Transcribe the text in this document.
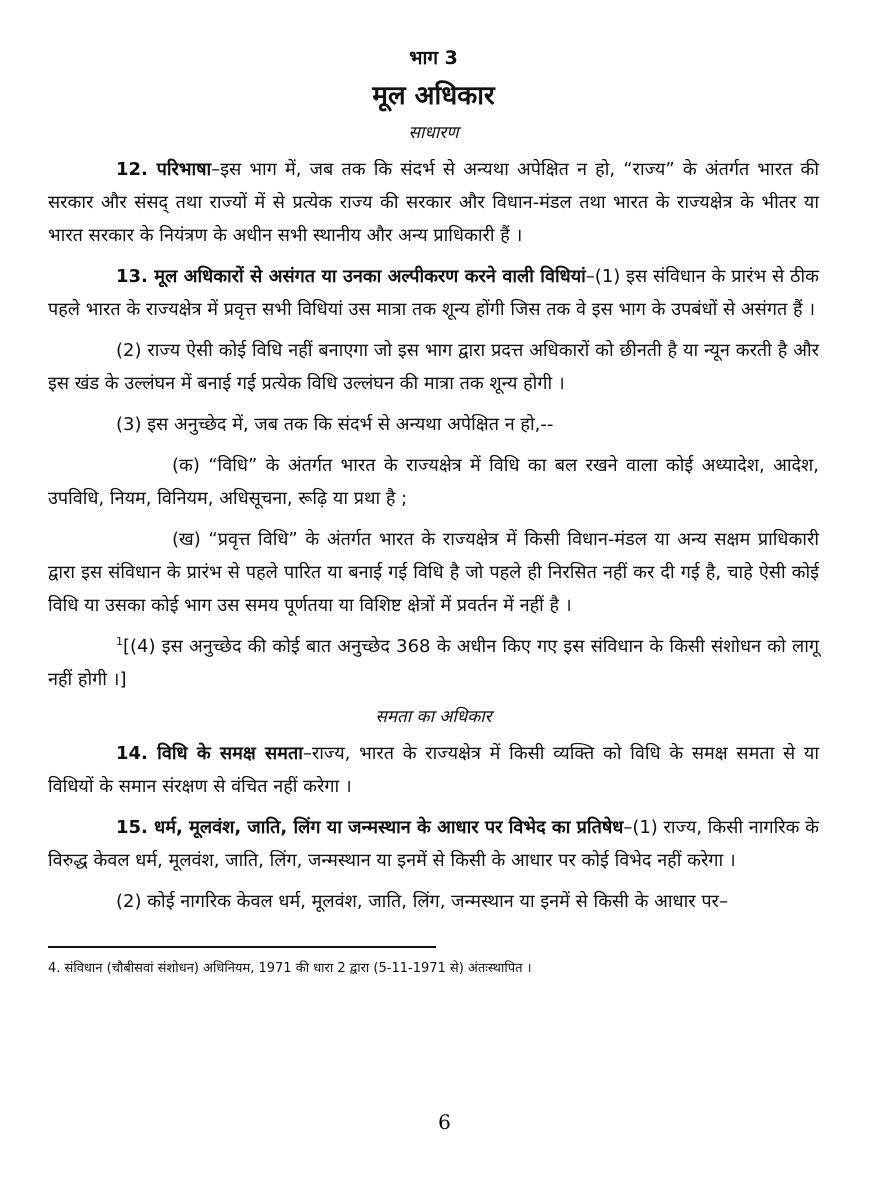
भाग 3
मूल अधिकार
साधारण

12. परिभाषा–इस भाग में, जब तक कि संदर्भ से अन्यथा अपेक्षित न हो, “राज्य” के अंतर्गत भारत की सरकार और संसद् तथा राज्यों में से प्रत्येक राज्य की सरकार और विधान-मंडल तथा भारत के राज्यक्षेत्र के भीतर या भारत सरकार के नियंत्रण के अधीन सभी स्थानीय और अन्य प्राधिकारी हैं ।

13. मूल अधिकारों से असंगत या उनका अल्पीकरण करने वाली विधियां–(1) इस संविधान के प्रारंभ से ठीक पहले भारत के राज्यक्षेत्र में प्रवृत्त सभी विधियां उस मात्रा तक शून्य होंगी जिस तक वे इस भाग के उपबंधों से असंगत हैं ।

(2) राज्य ऐसी कोई विधि नहीं बनाएगा जो इस भाग द्वारा प्रदत्त अधिकारों को छीनती है या न्यून करती है और इस खंड के उल्लंघन में बनाई गई प्रत्येक विधि उल्लंघन की मात्रा तक शून्य होगी ।

(3) इस अनुच्छेद में, जब तक कि संदर्भ से अन्यथा अपेक्षित न हो,--

(क) “विधि” के अंतर्गत भारत के राज्यक्षेत्र में विधि का बल रखने वाला कोई अध्यादेश, आदेश, उपविधि, नियम, विनियम, अधिसूचना, रूढ़ि या प्रथा है ;

(ख) “प्रवृत्त विधि” के अंतर्गत भारत के राज्यक्षेत्र में किसी विधान-मंडल या अन्य सक्षम प्राधिकारी द्वारा इस संविधान के प्रारंभ से पहले पारित या बनाई गई विधि है जो पहले ही निरसित नहीं कर दी गई है, चाहे ऐसी कोई विधि या उसका कोई भाग उस समय पूर्णतया या विशिष्ट क्षेत्रों में प्रवर्तन में नहीं है ।

$^1$[(4) इस अनुच्छेद की कोई बात अनुच्छेद 368 के अधीन किए गए इस संविधान के किसी संशोधन को लागू नहीं होगी ।]

समता का अधिकार

14. विधि के समक्ष समता–राज्य, भारत के राज्यक्षेत्र में किसी व्यक्ति को विधि के समक्ष समता से या विधियों के समान संरक्षण से वंचित नहीं करेगा ।

15. धर्म, मूलवंश, जाति, लिंग या जन्मस्थान के आधार पर विभेद का प्रतिषेध–(1) राज्य, किसी नागरिक के विरुद्ध केवल धर्म, मूलवंश, जाति, लिंग, जन्मस्थान या इनमें से किसी के आधार पर कोई विभेद नहीं करेगा ।

(2) कोई नागरिक केवल धर्म, मूलवंश, जाति, लिंग, जन्मस्थान या इनमें से किसी के आधार पर–

4. संविधान (चौबीसवां संशोधन) अधिनियम, 1971 की धारा 2 द्वारा (5-11-1971 से) अंतःस्थापित ।

6
